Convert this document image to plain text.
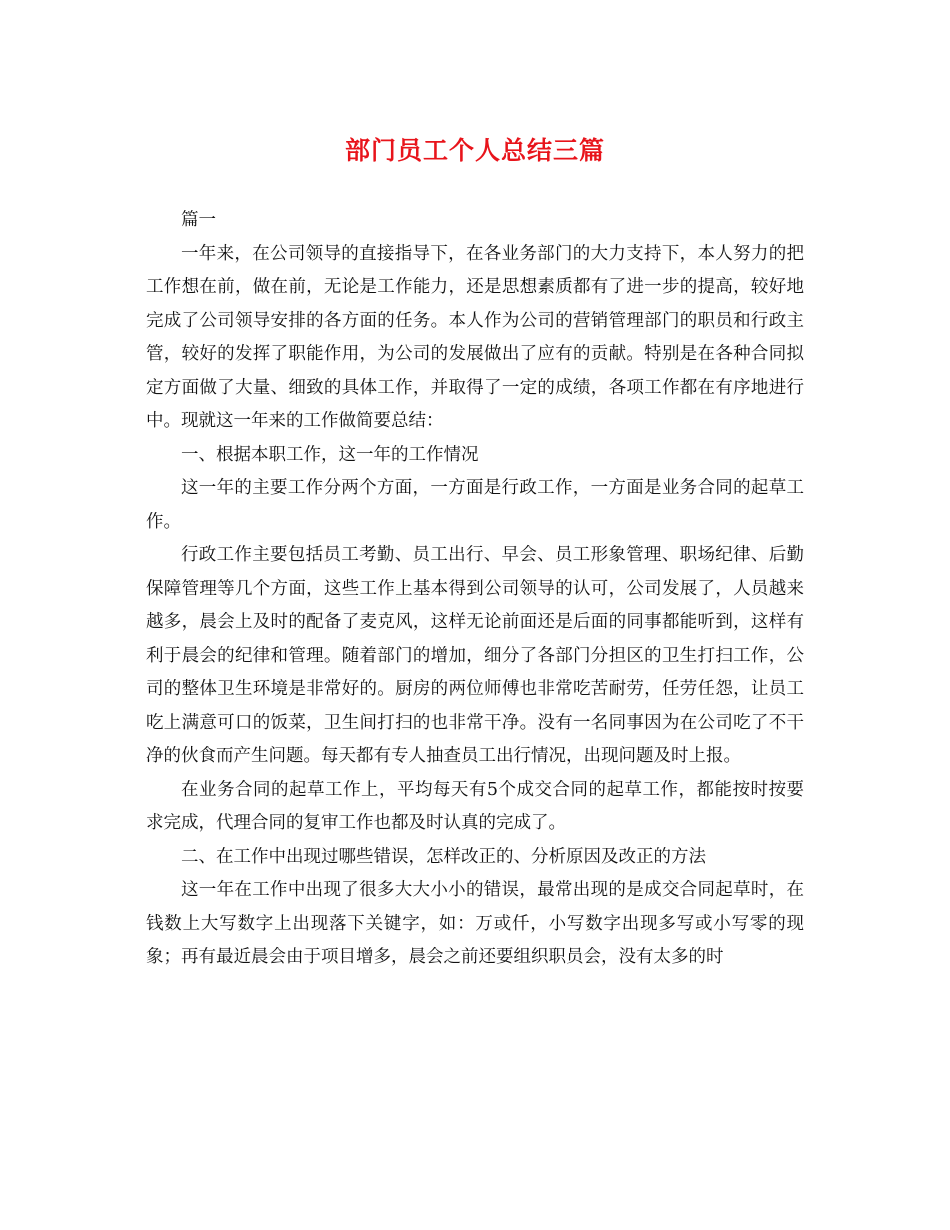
部门员工个人总结三篇

篇一

一年来，在公司领导的直接指导下，在各业务部门的大力支持下，本人努力的把工作想在前，做在前，无论是工作能力，还是思想素质都有了进一步的提高，较好地完成了公司领导安排的各方面的任务。本人作为公司的营销管理部门的职员和行政主管，较好的发挥了职能作用，为公司的发展做出了应有的贡献。特别是在各种合同拟定方面做了大量、细致的具体工作，并取得了一定的成绩，各项工作都在有序地进行中。现就这一年来的工作做简要总结：

一、根据本职工作，这一年的工作情况

这一年的主要工作分两个方面，一方面是行政工作，一方面是业务合同的起草工作。

行政工作主要包括员工考勤、员工出行、早会、员工形象管理、职场纪律、后勤保障管理等几个方面，这些工作上基本得到公司领导的认可，公司发展了，人员越来越多，晨会上及时的配备了麦克风，这样无论前面还是后面的同事都能听到，这样有利于晨会的纪律和管理。随着部门的增加，细分了各部门分担区的卫生打扫工作，公司的整体卫生环境是非常好的。厨房的两位师傅也非常吃苦耐劳，任劳任怨，让员工吃上满意可口的饭菜，卫生间打扫的也非常干净。没有一名同事因为在公司吃了不干净的伙食而产生问题。每天都有专人抽查员工出行情况，出现问题及时上报。

在业务合同的起草工作上，平均每天有5个成交合同的起草工作，都能按时按要求完成，代理合同的复审工作也都及时认真的完成了。

二、在工作中出现过哪些错误，怎样改正的、分析原因及改正的方法

这一年在工作中出现了很多大大小小的错误，最常出现的是成交合同起草时，在钱数上大写数字上出现落下关键字，如：万或仟，小写数字出现多写或小写零的现象；再有最近晨会由于项目增多，晨会之前还要组织职员会，没有太多的时
